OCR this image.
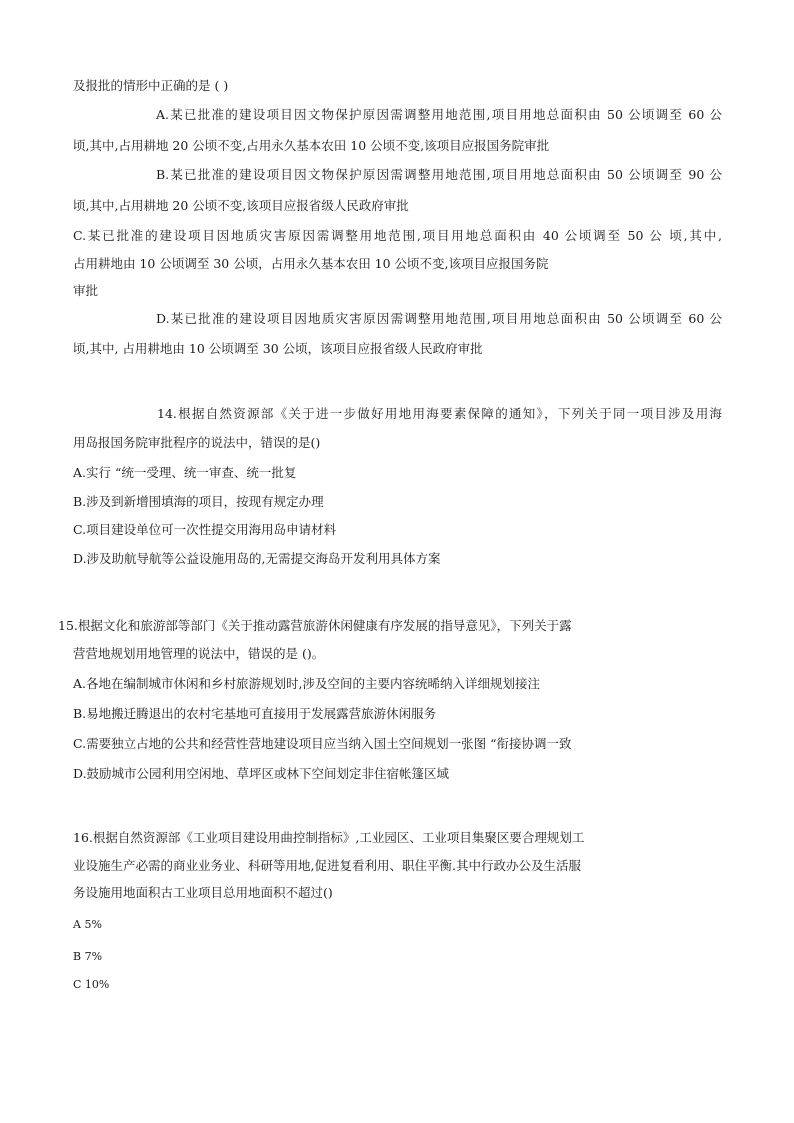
及报批的情形中正确的是 ( )
A.某已批准的建设项目因文物保护原因需调整用地范围,项目用地总面积由 50 公顷调至 60 公
顷,其中,占用耕地 20 公顷不变,占用永久基本农田 10 公顷不变,该项目应报国务院审批
B.某已批准的建设项目因文物保护原因需调整用地范围,项目用地总面积由 50 公顷调至 90 公
顷,其中,占用耕地 20 公顷不变,该项目应报省级人民政府审批
C.某已批准的建设项目因地质灾害原因需调整用地范围,项目用地总面积由 40 公顷调至 50 公 顷,其中,
占用耕地由 10 公顷调至 30 公顷，占用永久基本农田 10 公顷不变,该项目应报国务院
审批
D.某已批准的建设项目因地质灾害原因需调整用地范围,项目用地总面积由 50 公顷调至 60 公
顷,其中, 占用耕地由 10 公顷调至 30 公顷，该项目应报省级人民政府审批
14.根据自然资源部《关于进一步做好用地用海要素保障的通知》，下列关于同一项目涉及用海
用岛报国务院审批程序的说法中，错误的是()
A.实行 “统一受理、统一审查、统一批复
B.涉及到新增围填海的项目，按现有规定办理
C.项目建设单位可一次性提交用海用岛申请材料
D.涉及助航导航等公益设施用岛的,无需提交海岛开发利用具体方案
15.根据文化和旅游部等部门《关于推动露营旅游休闲健康有序发展的指导意见》，下列关于露
营营地规划用地管理的说法中，错误的是 ()。
A.各地在编制城市休闲和乡村旅游规划时,涉及空间的主要内容统晞纳入详细规划接注
B.易地搬迁腾退出的农村宅基地可直接用于发展露营旅游休闲服务
C.需要独立占地的公共和经营性营地建设项目应当纳入国土空间规划一张图 “衔接协调一致
D.鼓励城市公园利用空闲地、草坪区或林下空间划定非住宿帐篷区域
16.根据自然资源部《工业项目建设用曲控制指标》,工业园区、工业项目集聚区要合理规划工
业设施生产必需的商业业务业、科研等用地,促进复看利用、职住平衡.其中行政办公及生活服
务设施用地面积古工业项目总用地面积不超过()
A 5%
B 7%
C 10%
